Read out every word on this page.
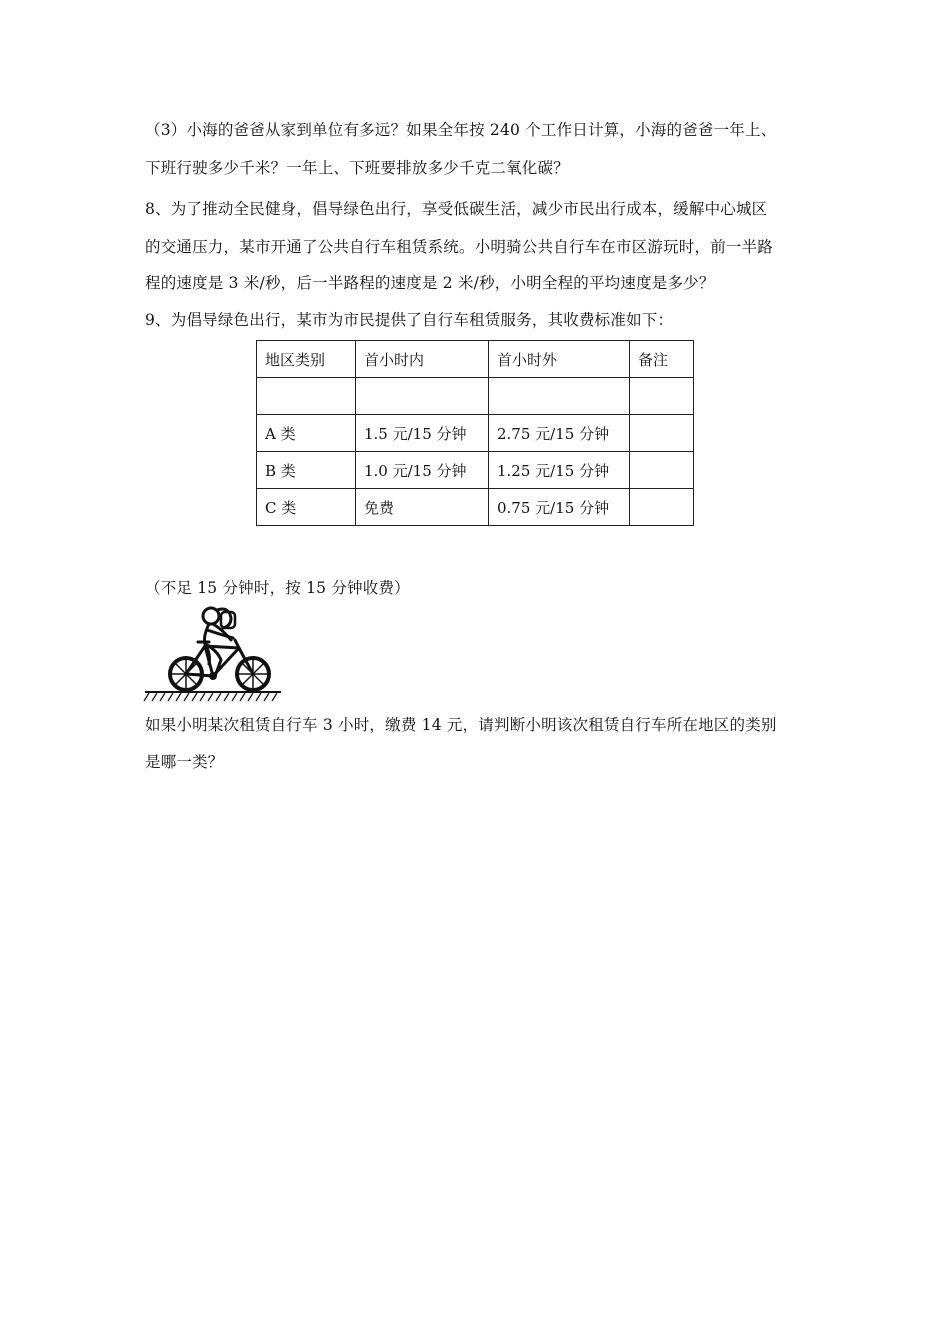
（3）小海的爸爸从家到单位有多远？如果全年按 240 个工作日计算，小海的爸爸一年上、
下班行驶多少千米？一年上、下班要排放多少千克二氧化碳？
8、为了推动全民健身，倡导绿色出行，享受低碳生活，减少市民出行成本，缓解中心城区
的交通压力，某市开通了公共自行车租赁系统。小明骑公共自行车在市区游玩时，前一半路
程的速度是 3 米/秒，后一半路程的速度是 2 米/秒，小明全程的平均速度是多少？
9、为倡导绿色出行，某市为市民提供了自行车租赁服务，其收费标准如下：
地区类别	首小时内	首小时外	备注

A 类	1.5 元/15 分钟	2.75 元/15 分钟	
B 类	1.0 元/15 分钟	1.25 元/15 分钟	
C 类	免费	0.75 元/15 分钟	
（不足 15 分钟时，按 15 分钟收费）
如果小明某次租赁自行车 3 小时，缴费 14 元，请判断小明该次租赁自行车所在地区的类别
是哪一类？
